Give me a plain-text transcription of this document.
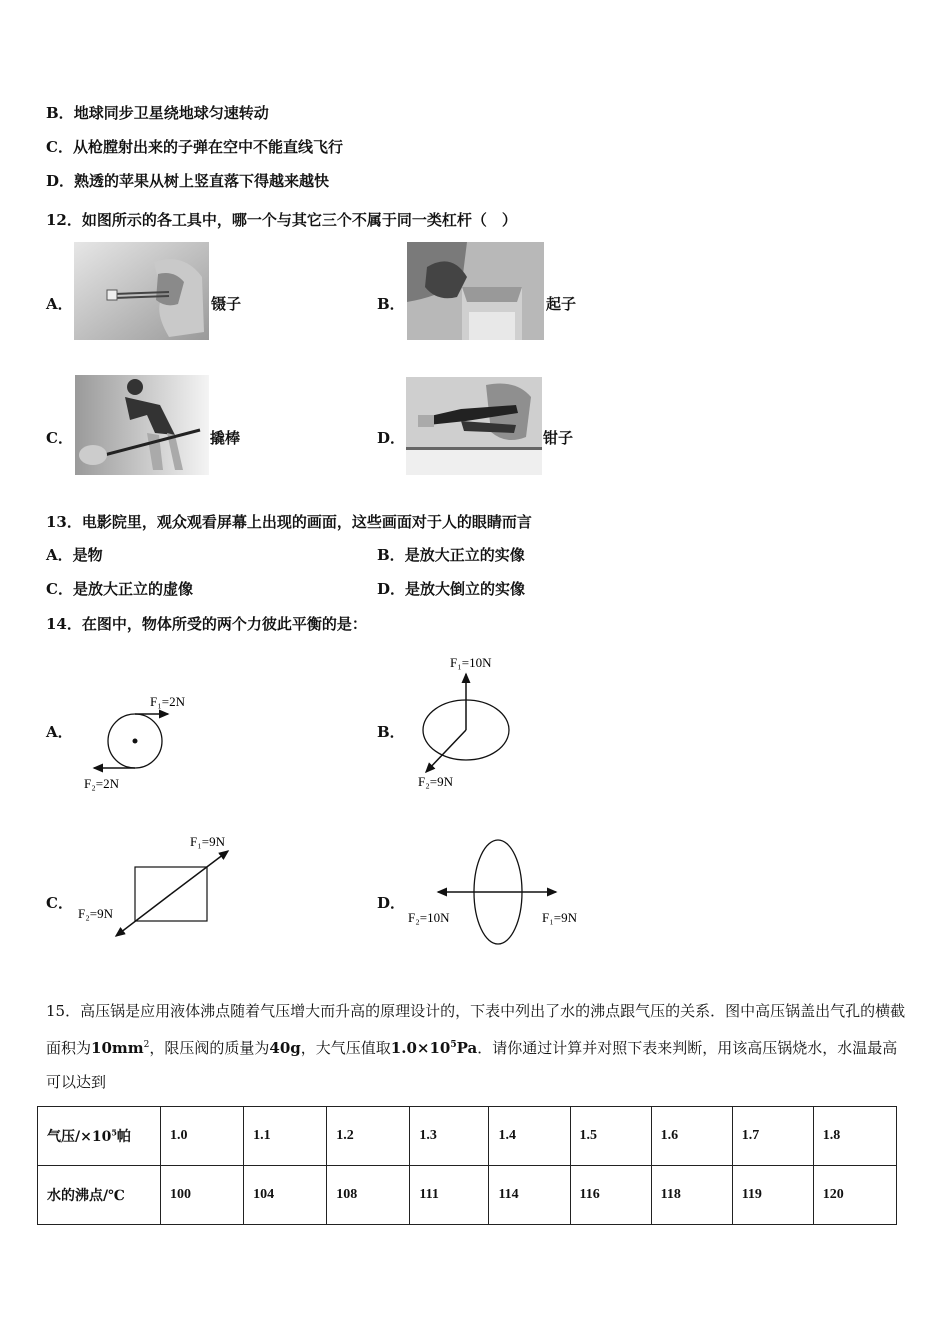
B．地球同步卫星绕地球匀速转动
C．从枪膛射出来的子弹在空中不能直线飞行
D．熟透的苹果从树上竖直落下得越来越快
12．如图所示的各工具中，哪一个与其它三个不属于同一类杠杆（　）
A．	镊子	B．	起子
C．	撬棒	D．	钳子
13．电影院里，观众观看屏幕上出现的画面，这些画面对于人的眼睛而言
A．是物	B．是放大正立的实像
C．是放大正立的虚像	D．是放大倒立的实像
14．在图中，物体所受的两个力彼此平衡的是：
A．
F₁=2N
F₂=2N
B．
F₁=10N
F₂=9N
C．
F₁=9N
F₂=9N
D．
F₁=9N
F₂=10N
15．高压锅是应用液体沸点随着气压增大而升高的原理设计的，下表中列出了水的沸点跟气压的关系．图中高压锅盖出气孔的横截面积为$10mm^2$，限压阀的质量为40g，大气压值取$1.0\times 10^5Pa$．请你通过计算并对照下表来判断，用该高压锅烧水，水温最高可以达到
气压$/\times 10^5$帕	1.0	1.1	1.2	1.3	1.4	1.5	1.6	1.7	1.8
水的沸点/℃	100	104	108	111	114	116	118	119	120
